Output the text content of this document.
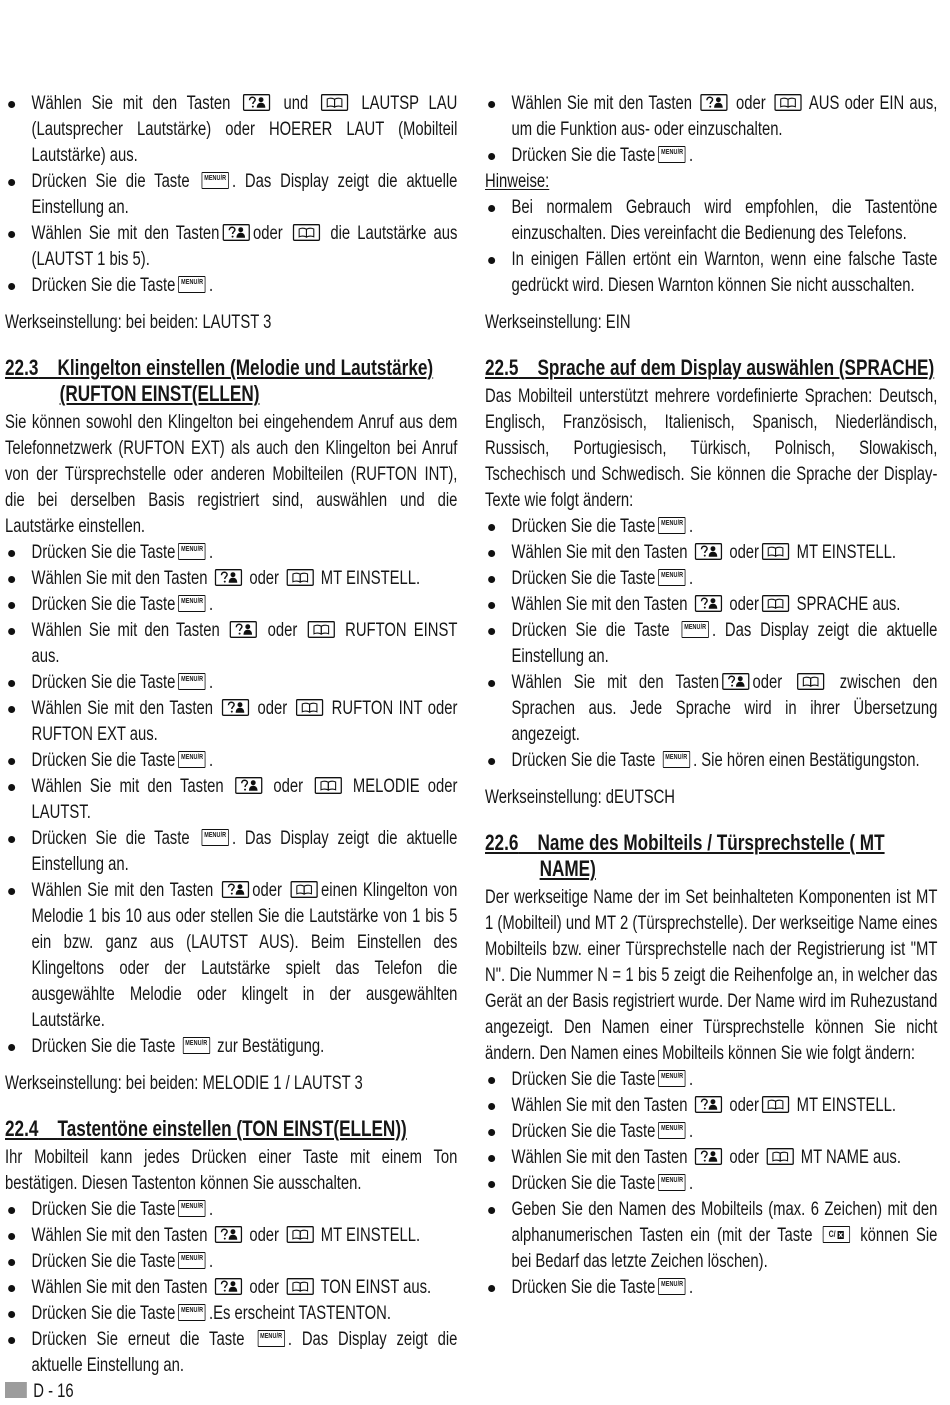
Wählen Sie mit den Tasten
und
LAUTSP LAU (Lautsprecher Lautstärke) oder HOERER LAUT (Mobilteil Lautstärke) aus.
Drücken Sie die Taste MENU/R . Das Display zeigt die aktuelle Einstellung an.
Wählen Sie mit den Tasten oder
die Lautstärke aus (LAUTST 1 bis 5).
Drücken Sie die Taste MENU/R .

Werkseinstellung: bei beiden: LAUTST 3

22.3 Klingelton einstellen (Melodie und Lautstärke) (RUFTON EINST(ELLEN)

Sie können sowohl den Klingelton bei eingehendem Anruf aus dem Telefonnetzwerk (RUFTON EXT) als auch den Klingelton bei Anruf von der Türsprechstelle oder anderen Mobilteilen (RUFTON INT), die bei derselben Basis registriert sind, auswählen und die Lautstärke einstellen.

Drücken Sie die Taste MENU/R .
Wählen Sie mit den Tasten
oder
MT EINSTELL.
Drücken Sie die Taste MENU/R .
Wählen Sie mit den Tasten
oder
RUFTON EINST aus.
Drücken Sie die Taste MENU/R .
Wählen Sie mit den Tasten
oder
RUFTON INT oder RUFTON EXT aus.
Drücken Sie die Taste MENU/R .
Wählen Sie mit den Tasten
oder
MELODIE oder LAUTST.
Drücken Sie die Taste MENU/R . Das Display zeigt die aktuelle Einstellung an.
Wählen Sie mit den Tasten
oder
einen Klingelton von Melodie 1 bis 10 aus oder stellen Sie die Lautstärke von 1 bis 5 ein bzw. ganz aus (LAUTST AUS). Beim Einstellen des Klingeltons oder der Lautstärke spielt das Telefon die ausgewählte Melodie oder klingelt in der ausgewählten Lautstärke.
Drücken Sie die Taste MENU/R zur Bestätigung.

Werkseinstellung: bei beiden: MELODIE 1 / LAUTST 3

22.4 Tastentöne einstellen (TON EINST(ELLEN))

Ihr Mobilteil kann jedes Drücken einer Taste mit einem Ton bestätigen. Diesen Tastenton können Sie ausschalten.

Drücken Sie die Taste MENU/R .
Wählen Sie mit den Tasten
oder
MT EINSTELL.
Drücken Sie die Taste MENU/R .
Wählen Sie mit den Tasten
oder
TON EINST aus.
Drücken Sie die Taste MENU/R .Es erscheint TASTENTON.
Drücken Sie erneut die Taste MENU/R . Das Display zeigt die aktuelle Einstellung an.
D - 16
Wählen Sie mit den Tasten
oder
AUS oder EIN aus, um die Funktion aus- oder einzuschalten.
Drücken Sie die Taste MENU/R .

Hinweise:

Bei normalem Gebrauch wird empfohlen, die Tastentöne einzuschalten. Dies vereinfacht die Bedienung des Telefons.
In einigen Fällen ertönt ein Warnton, wenn eine falsche Taste gedrückt wird. Diesen Warnton können Sie nicht ausschalten.

Werkseinstellung: EIN

22.5 Sprache auf dem Display auswählen (SPRACHE)

Das Mobilteil unterstützt mehrere vordefinierte Sprachen: Deutsch, Englisch, Französisch, Italienisch, Spanisch, Niederländisch, Russisch, Portugiesisch, Türkisch, Polnisch, Slowakisch, Tschechisch und Schwedisch. Sie können die Sprache der Display-Texte wie folgt ändern:

Drücken Sie die Taste MENU/R .
Wählen Sie mit den Tasten
oder
MT EINSTELL.
Drücken Sie die Taste MENU/R .
Wählen Sie mit den Tasten
oder
SPRACHE aus.
Drücken Sie die Taste MENU/R . Das Display zeigt die aktuelle Einstellung an.
Wählen Sie mit den Tasten oder
zwischen den Sprachen aus. Jede Sprache wird in ihrer Übersetzung angezeigt.
Drücken Sie die Taste MENU/R . Sie hören einen Bestätigungston.

Werkseinstellung: dEUTSCH

22.6 Name des Mobilteils / Türsprechstelle ( MT NAME)

Der werkseitige Name der im Set beinhalteten Komponenten ist MT 1 (Mobilteil) und MT 2 (Türsprechstelle). Der werkseitige Name eines Mobilteils bzw. einer Türsprechstelle nach der Registrierung ist "MT N". Die Nummer N = 1 bis 5 zeigt die Reihenfolge an, in welcher das Gerät an der Basis registriert wurde. Der Name wird im Ruhezustand angezeigt. Den Namen einer Türsprechstelle können Sie nicht ändern. Den Namen eines Mobilteils können Sie wie folgt ändern:

Drücken Sie die Taste MENU/R .
Wählen Sie mit den Tasten
oder
MT EINSTELL.
Drücken Sie die Taste MENU/R .
Wählen Sie mit den Tasten
oder
MT NAME aus.
Drücken Sie die Taste MENU/R .
Geben Sie den Namen des Mobilteils (max. 6 Zeichen) mit den alphanumerischen Tasten ein (mit der Taste C/ können Sie bei Bedarf das letzte Zeichen löschen).
Drücken Sie die Taste MENU/R .
